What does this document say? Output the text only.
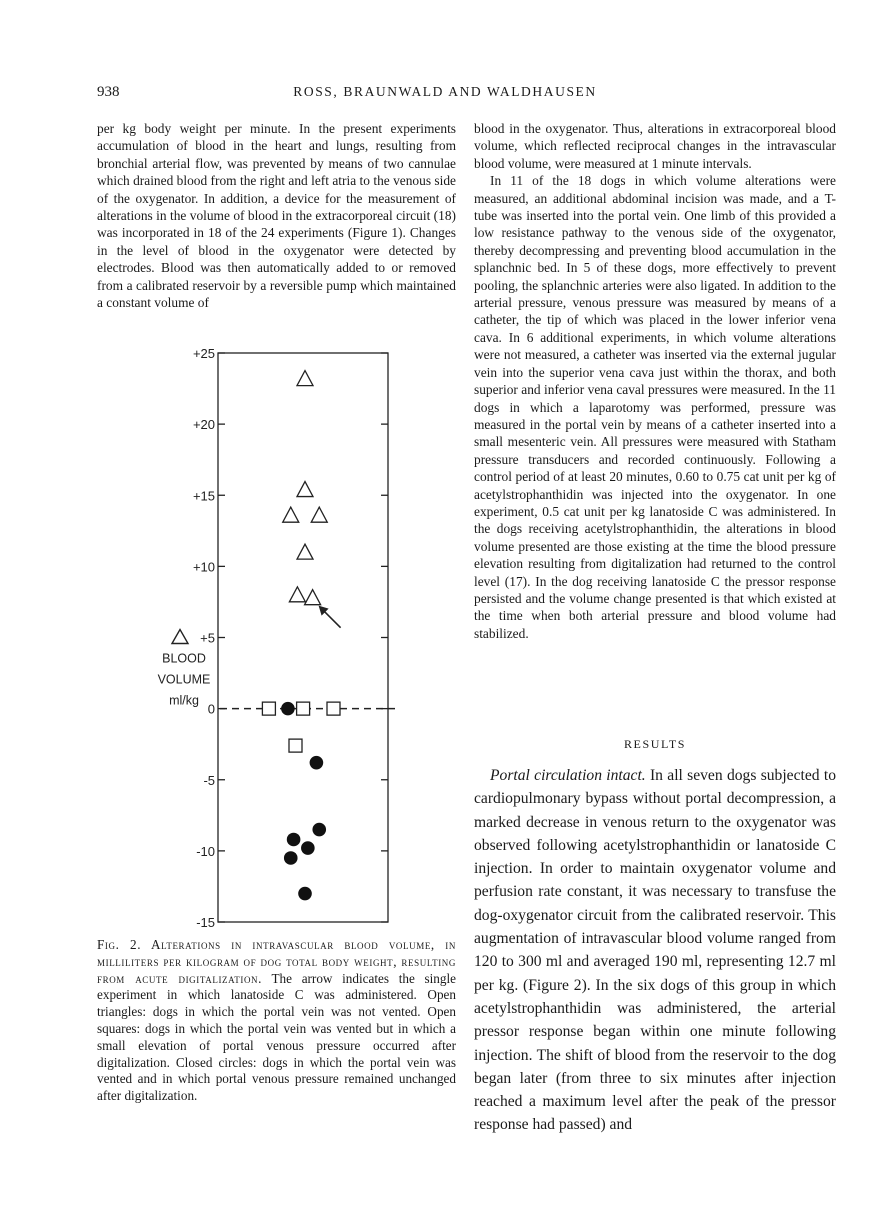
938	ROSS, BRAUNWALD AND WALDHAUSEN

per kg body weight per minute. In the present experiments accumulation of blood in the heart and lungs, resulting from bronchial arterial flow, was prevented by means of two cannulae which drained blood from the right and left atria to the venous side of the oxygenator. In addition, a device for the measurement of alterations in the volume of blood in the extracorporeal circuit (18) was incorporated in 18 of the 24 experiments (Figure 1). Changes in the level of blood in the oxygenator were detected by electrodes. Blood was then automatically added to or removed from a calibrated reservoir by a reversible pump which maintained a constant volume of

blood in the oxygenator. Thus, alterations in extracorporeal blood volume, which reflected reciprocal changes in the intravascular blood volume, were measured at 1 minute intervals.

In 11 of the 18 dogs in which volume alterations were measured, an additional abdominal incision was made, and a T-tube was inserted into the portal vein. One limb of this provided a low resistance pathway to the venous side of the oxygenator, thereby decompressing and preventing blood accumulation in the splanchnic bed. In 5 of these dogs, more effectively to prevent pooling, the splanchnic arteries were also ligated. In addition to the arterial pressure, venous pressure was measured by means of a catheter, the tip of which was placed in the lower inferior vena cava. In 6 additional experiments, in which volume alterations were not measured, a catheter was inserted via the external jugular vein into the superior vena cava just within the thorax, and both superior and inferior vena caval pressures were measured. In the 11 dogs in which a laparotomy was performed, pressure was measured in the portal vein by means of a catheter inserted into a small mesenteric vein. All pressures were measured with Statham pressure transducers and recorded continuously. Following a control period of at least 20 minutes, 0.60 to 0.75 cat unit per kg of acetylstrophanthidin was injected into the oxygenator. In one experiment, 0.5 cat unit per kg lanatoside C was administered. In the dogs receiving acetylstrophanthidin, the alterations in blood volume presented are those existing at the time the blood pressure elevation resulting from digitalization had returned to the control level (17). In the dog receiving lanatoside C the pressor response persisted and the volume change presented is that which existed at the time when both arterial pressure and blood volume had stabilized.

RESULTS

Portal circulation intact. In all seven dogs subjected to cardiopulmonary bypass without portal decompression, a marked decrease in venous return to the oxygenator was observed following acetylstrophanthidin or lanatoside C injection. In order to maintain oxygenator volume and perfusion rate constant, it was necessary to transfuse the dog-oxygenator circuit from the calibrated reservoir. This augmentation of intravascular blood volume ranged from 120 to 300 ml and averaged 190 ml, representing 12.7 ml per kg. (Figure 2). In the six dogs of this group in which acetylstrophanthidin was administered, the arterial pressor response began within one minute following injection. The shift of blood from the reservoir to the dog began later (from three to six minutes after injection reached a maximum level after the peak of the pressor response had passed) and

+25
+20
+15
+10
+5
0
-5
-10
-15
BLOOD
VOLUME
ml/kg
Fig. 2. Alterations in intravascular blood volume, in milliliters per kilogram of dog total body weight, resulting from acute digitalization. The arrow indicates the single experiment in which lanatoside C was administered. Open triangles: dogs in which the portal vein was not vented. Open squares: dogs in which the portal vein was vented but in which a small elevation of portal venous pressure occurred after digitalization. Closed circles: dogs in which the portal vein was vented and in which portal venous pressure remained unchanged after digitalization.
